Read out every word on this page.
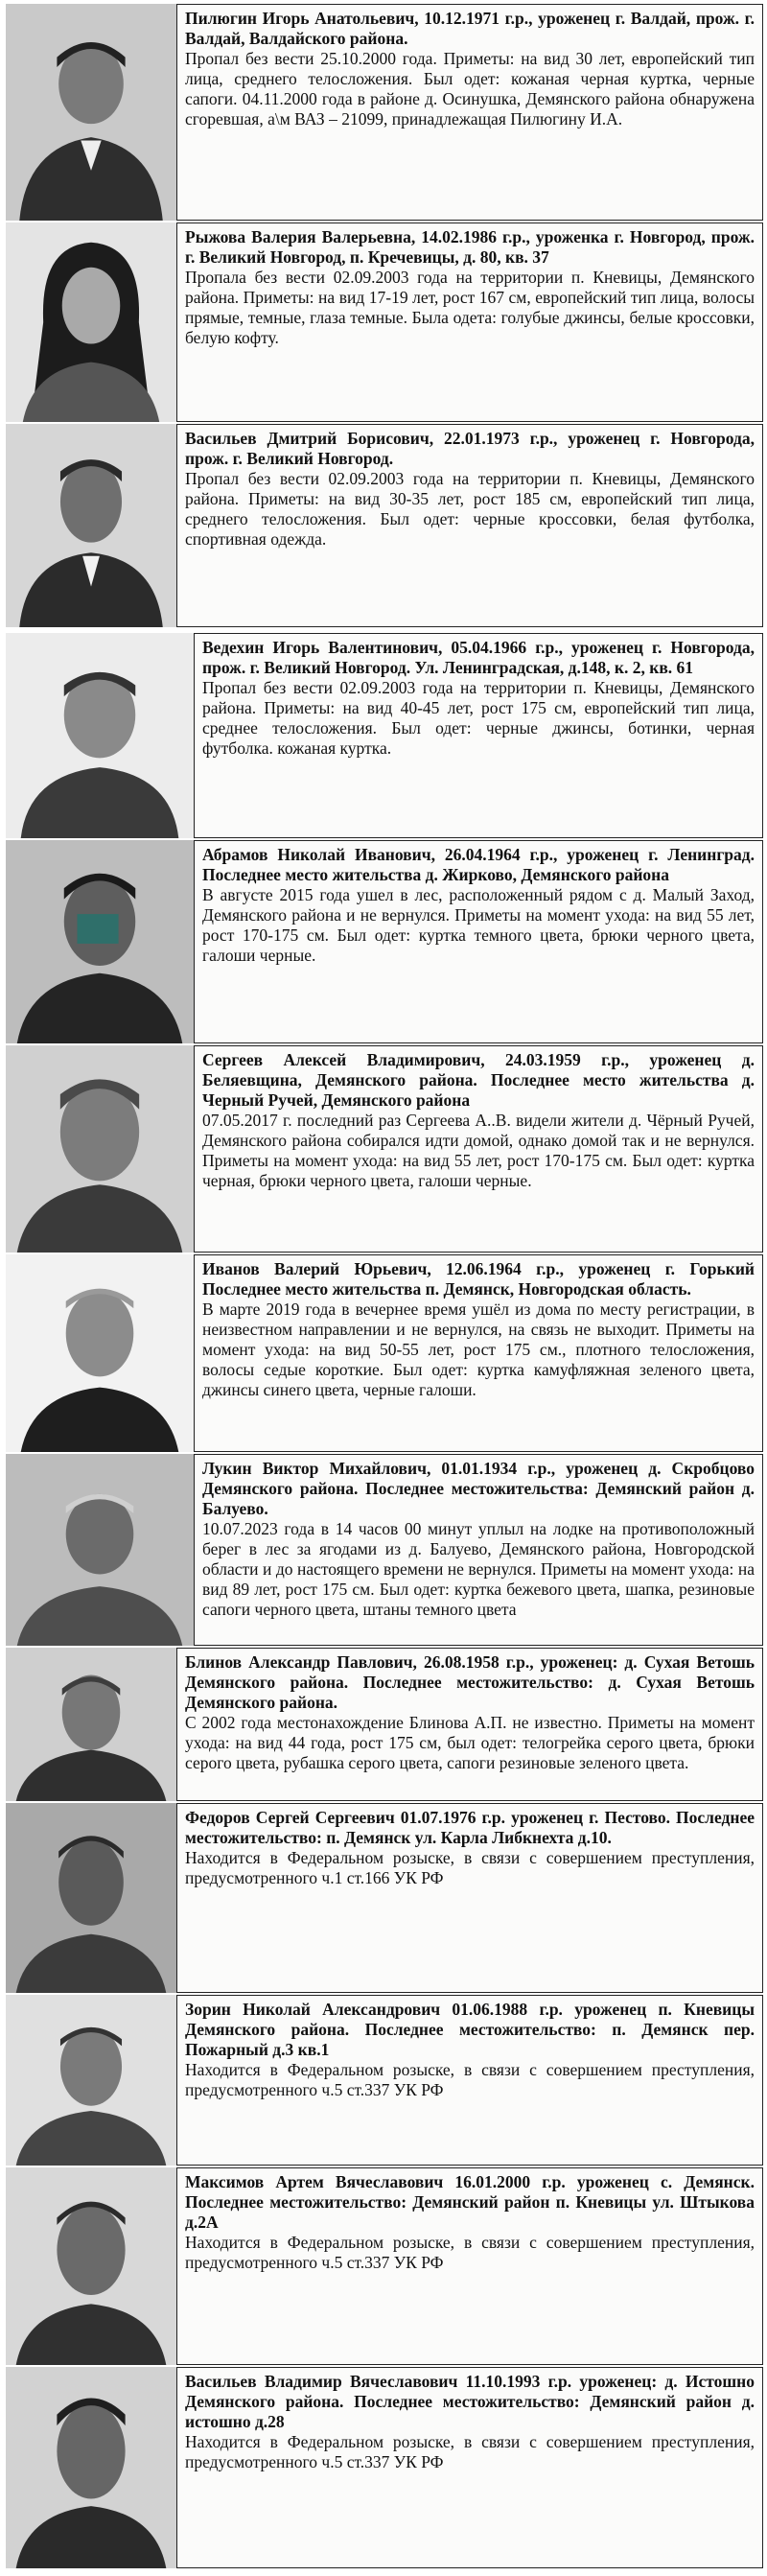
Пилюгин Игорь Анатольевич, 10.12.1971 г.р., уроженец г. Валдай, прож. г. Валдай, Валдайского района.

Пропал без вести 25.10.2000 года. Приметы: на вид 30 лет, европейский тип лица, среднего телосложения. Был одет: кожаная черная куртка, черные сапоги. 04.11.2000 года в районе д. Осинушка, Демянского района обнаружена сгоревшая, а\м ВАЗ – 21099, принадлежащая Пилюгину И.А.

Рыжова Валерия Валерьевна, 14.02.1986 г.р., уроженка г. Новгород, прож. г. Великий Новгород, п. Кречевицы, д. 80, кв. 37

Пропала без вести 02.09.2003 года на территории п. Кневицы, Демянского района. Приметы: на вид 17-19 лет, рост 167 см, европейский тип лица, волосы прямые, темные, глаза темные. Была одета: голубые джинсы, белые кроссовки, белую кофту.

Васильев Дмитрий Борисович, 22.01.1973 г.р., уроженец г. Новгорода, прож. г. Великий Новгород.

Пропал без вести 02.09.2003 года на территории п. Кневицы, Демянского района. Приметы: на вид 30-35 лет, рост 185 см, европейский тип лица, среднего телосложения. Был одет: черные кроссовки, белая футболка, спортивная одежда.

Ведехин Игорь Валентинович, 05.04.1966 г.р., уроженец г. Новгорода, прож. г. Великий Новгород. Ул. Ленинградская, д.148, к. 2, кв. 61

Пропал без вести 02.09.2003 года на территории п. Кневицы, Демянского района. Приметы: на вид 40-45 лет, рост 175 см, европейский тип лица, среднее телосложения. Был одет: черные джинсы, ботинки, черная футболка. кожаная куртка.

Абрамов Николай Иванович, 26.04.1964 г.р., уроженец г. Ленинград. Последнее место жительства д. Жирково, Демянского района

В августе 2015 года ушел в лес, расположенный рядом с д. Малый Заход, Демянского района и не вернулся. Приметы на момент ухода: на вид 55 лет, рост 170-175 см. Был одет: куртка темного цвета, брюки черного цвета, галоши черные.

Сергеев Алексей Владимирович, 24.03.1959 г.р., уроженец д. Беляевщина, Демянского района. Последнее место жительства д. Черный Ручей, Демянского района

07.05.2017 г. последний раз Сергеева А..В. видели жители д. Чёрный Ручей, Демянского района собирался идти домой, однако домой так и не вернулся. Приметы на момент ухода: на вид 55 лет, рост 170-175 см. Был одет: куртка черная, брюки черного цвета, галоши черные.

Иванов Валерий Юрьевич, 12.06.1964 г.р., уроженец г. Горький Последнее место жительства п. Демянск, Новгородская область.

В марте 2019 года в вечернее время ушёл из дома по месту регистрации, в неизвестном направлении и не вернулся, на связь не выходит. Приметы на момент ухода: на вид 50-55 лет, рост 175 см., плотного телосложения, волосы седые короткие. Был одет: куртка камуфляжная зеленого цвета, джинсы синего цвета, черные галоши.

Лукин Виктор Михайлович, 01.01.1934 г.р., уроженец д. Скробцово Демянского района. Последнее местожительства: Демянский район д. Балуево.

10.07.2023 года в 14 часов 00 минут уплыл на лодке на противоположный берег в лес за ягодами из д. Балуево, Демянского района, Новгородской области и до настоящего времени не вернулся. Приметы на момент ухода: на вид 89 лет, рост 175 см. Был одет: куртка бежевого цвета, шапка, резиновые сапоги черного цвета, штаны темного цвета

Блинов Александр Павлович, 26.08.1958 г.р., уроженец: д. Сухая Ветошь Демянского района. Последнее местожительство: д. Сухая Ветошь Демянского района.

С 2002 года местонахождение Блинова А.П. не известно. Приметы на момент ухода: на вид 44 года, рост 175 см, был одет: телогрейка серого цвета, брюки серого цвета, рубашка серого цвета, сапоги резиновые зеленого цвета.

Федоров Сергей Сергеевич 01.07.1976 г.р. уроженец г. Пестово. Последнее местожительство: п. Демянск ул. Карла Либкнехта д.10.

Находится в Федеральном розыске, в связи с совершением преступления, предусмотренного ч.1 ст.166 УК РФ

Зорин Николай Александрович 01.06.1988 г.р. уроженец п. Кневицы Демянского района. Последнее местожительство: п. Демянск пер. Пожарный д.3 кв.1

Находится в Федеральном розыске, в связи с совершением преступления, предусмотренного ч.5 ст.337 УК РФ

Максимов Артем Вячеславович 16.01.2000 г.р. уроженец с. Демянск. Последнее местожительство: Демянский район п. Кневицы ул. Штыкова д.2А

Находится в Федеральном розыске, в связи с совершением преступления, предусмотренного ч.5 ст.337 УК РФ

Васильев Владимир Вячеславович 11.10.1993 г.р. уроженец: д. Истошно Демянского района. Последнее местожительство: Демянский район д. истошно д.28

Находится в Федеральном розыске, в связи с совершением преступления, предусмотренного ч.5 ст.337 УК РФ
